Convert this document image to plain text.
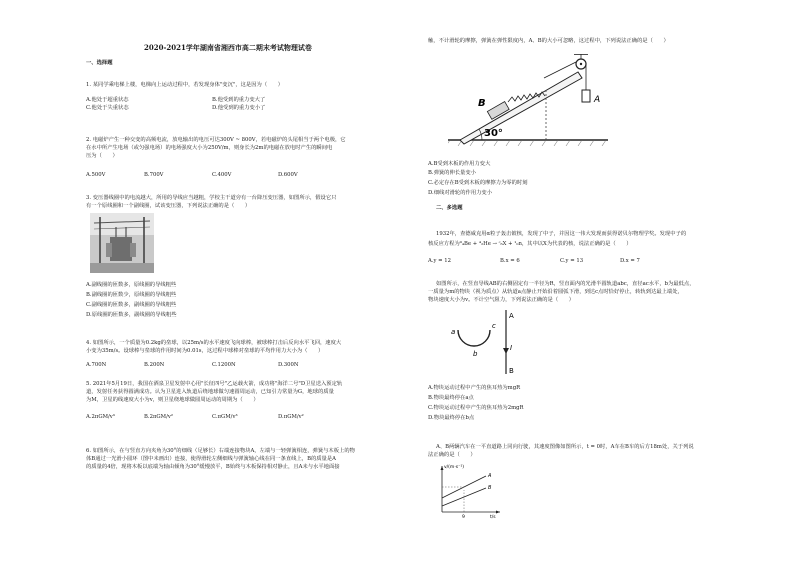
2020-2021学年湖南省湘西市高二期末考试物理试卷
一、选择题
1. 某同学乘电梯上楼，电梯向上运动过程中，若发现身体"变沉"，这是因为（　　）
A.他处于超重状态	B.他受到的重力变大了
C.他处于失重状态	D.他受到的重力变小了
2. 电磁炉产生一种交变的高频电流，放电输出的电压可达300V ~ 800V，若电磁炉的头尾相当于两个电极，它
在水中所产生电场（或匀强电场）的电场强度大小为250V/m，则身长为2m的电磁在放电时产生的瞬间电
压为（　　）
A.500V	B.700V	C.400V	D.600V
3. 变压器线圈中的电流越大，所用的导线应当越粗，学校主干道旁有一台降压变压器，如图所示，假设它只
有一个原线圈和一个副线圈，试该变压器，下列说法正确的是（　　）
A.副线圈的匝数多，原线圈的导线粗些
B.副线圈的匝数少，原线圈的导线粗些
C.副线圈的匝数多，副线圈的导线粗些
D.原线圈的匝数多，副线圈的导线粗些
4. 如图所示，一个质量为0.2kg的垒球，以25m/s的水平速度飞向球棒，被球棒打击后反向水平飞回，速度大
小变为35m/s。设球棒与垒球的作用时间为0.01s，这过程中球棒对垒球的平均作用力大小为（　　）
A.700N	B.200N	C.1200N	D.300N
5. 2021年5月19日，我国在酒泉卫星发射中心用"长征四号"乙运载火箭，成功将"海洋二号"D卫星送入预定轨
道，发射任务获得圆满成功。认为卫星进入轨道后绕地球做匀速圆周运动，已知引力常量为G，地球的质量
为M，卫星的线速度大小为v，则卫星绕地球做圆周运动的周期为（　　）
A.2πGM/v³	B.2πGM/v²	C.πGM/v³	D.πGM/v²
6. 如图所示，在与竖直方向夹角为30°的细线（足够长）右端连接物块A，左端与一轻弹簧相连，弹簧与木板上的物
体B通过一光滑小圆环（图中未画出）连接，使得滑轮左侧细线与弹簧轴心线在同一条直线上，B的质量是A
的质量的4倍，现将木板以底端为轴由倾角为30°缓慢放平，B始终与木板保持相对静止，且A未与水平地面接
触，不计滑轮的摩擦，弹簧在弹性限度内，A、B的大小可忽略，这过程中，下列说法正确的是（　　）
30°
A
B
A.B受到木板的作用力变大
B.弹簧的伸长量变小
C.必定存在B受到木板的摩擦力为零的时刻
D.细线对滑轮的作用力变小
二、多选题
1932年，查德威克用α粒子轰击铍核，发现了中子，并因这一伟大发现而获得诺贝尔物理学奖。发现中子的
核反应方程为⁹₄Be + ⁴₂He → ᶜ₆X + ¹₀n，其中以X为代表的核，说法正确的是（　　）
A.y = 12	B.x = 6	C.y = 13	D.x = 7
如图所示，在竖直导线AB的右侧固定有一半径为R，竖直面内的光滑半圆轨道abc，直径ac水平，b为最低点，
一质量为m的物块（视为质点）从轨道a点静止开始沿着圆弧下滑，到达c点时恰好停止，转轨到达最上端处，
物块速度大小为v。不计空气阻力，下列说法正确的是（　　）
a
c
b
A
B
I
A.物块运动过程中产生的焦耳热为mgR
B.物块最终停在a点
C.物块运动过程中产生的焦耳热为2mgR
D.物块最终停在b点
A、B两辆汽车在一平直道路上同向行驶，其速度图像如图所示，t = 0时，A车在B车的后方18m处，关于列说
法正确的是（　　）
v/(m·s⁻¹)
t/s
A
B
9
